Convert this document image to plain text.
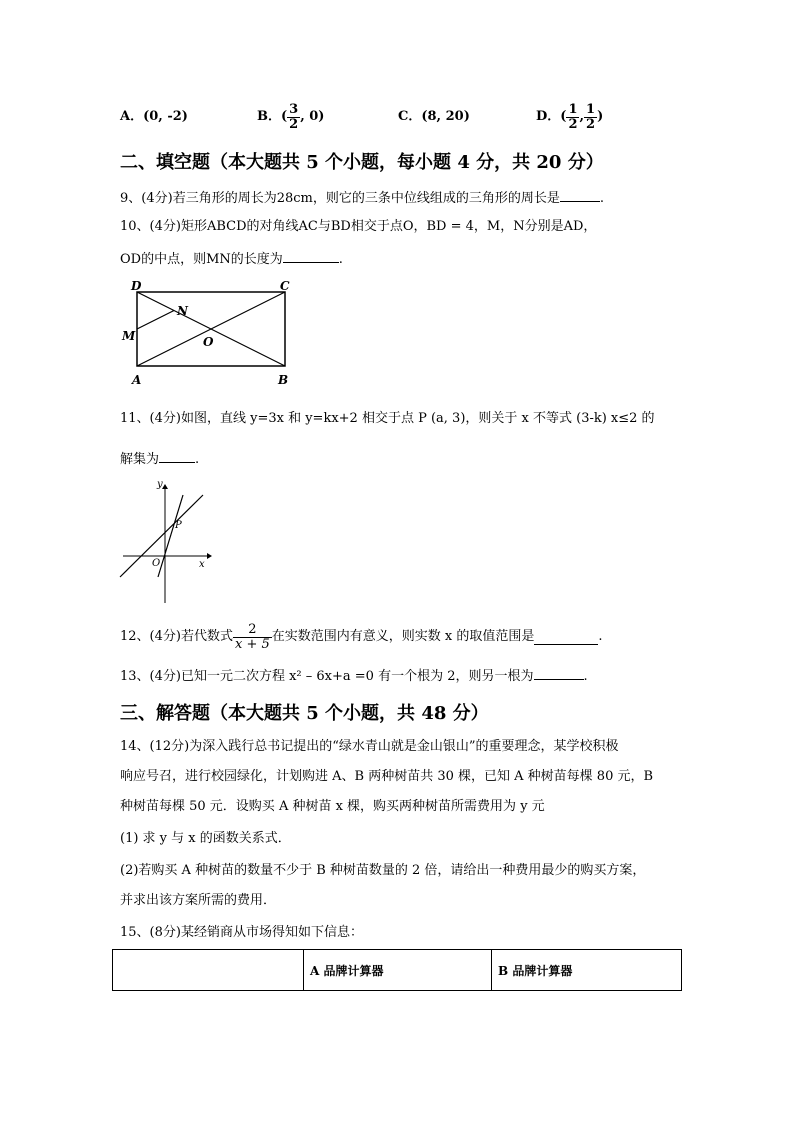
A．(0, -2)	B． ( $\frac{3}{2}$ , 0)	C．(8, 20)	D． ( $\frac{1}{2}$ , $\frac{1}{2}$ )
二、填空题（本大题共 5 个小题，每小题 4 分，共 20 分）
9、(4分)若三角形的周长为28cm，则它的三条中位线组成的三角形的周长是	.
10、(4分)矩形ABCD的对角线AC与BD相交于点O，BD = 4，M，N分别是AD，
OD的中点，则MN的长度为	.
D	C
N
M	O
A	B
11、(4分)如图，直线 y=3x 和 y=kx+2 相交于点 P (a, 3)，则关于 x 不等式 (3-k) x≤2 的
解集为	.
y
x
O
P
12、(4分) 若代数式 $\frac{2}{x + 5}$ 在实数范围内有意义，则实数 x 的取值范围是	.
13、(4分)已知一元二次方程 x² – 6x+a =0 有一个根为 2，则另一根为	.
三、解答题（本大题共 5 个小题，共 48 分）
14、(12分)为深入践行总书记提出的“绿水青山就是金山银山”的重要理念，某学校积极
响应号召，进行校园绿化，计划购进 A、B 两种树苗共 30 棵，已知 A 种树苗每棵 80 元，B
种树苗每棵 50 元．设购买 A 种树苗 x 棵，购买两种树苗所需费用为 y 元
(1) 求 y 与 x 的函数关系式．
(2)若购买 A 种树苗的数量不少于 B 种树苗数量的 2 倍，请给出一种费用最少的购买方案，
并求出该方案所需的费用．
15、(8分)某经销商从市场得知如下信息：
	A 品牌计算器	B 品牌计算器
